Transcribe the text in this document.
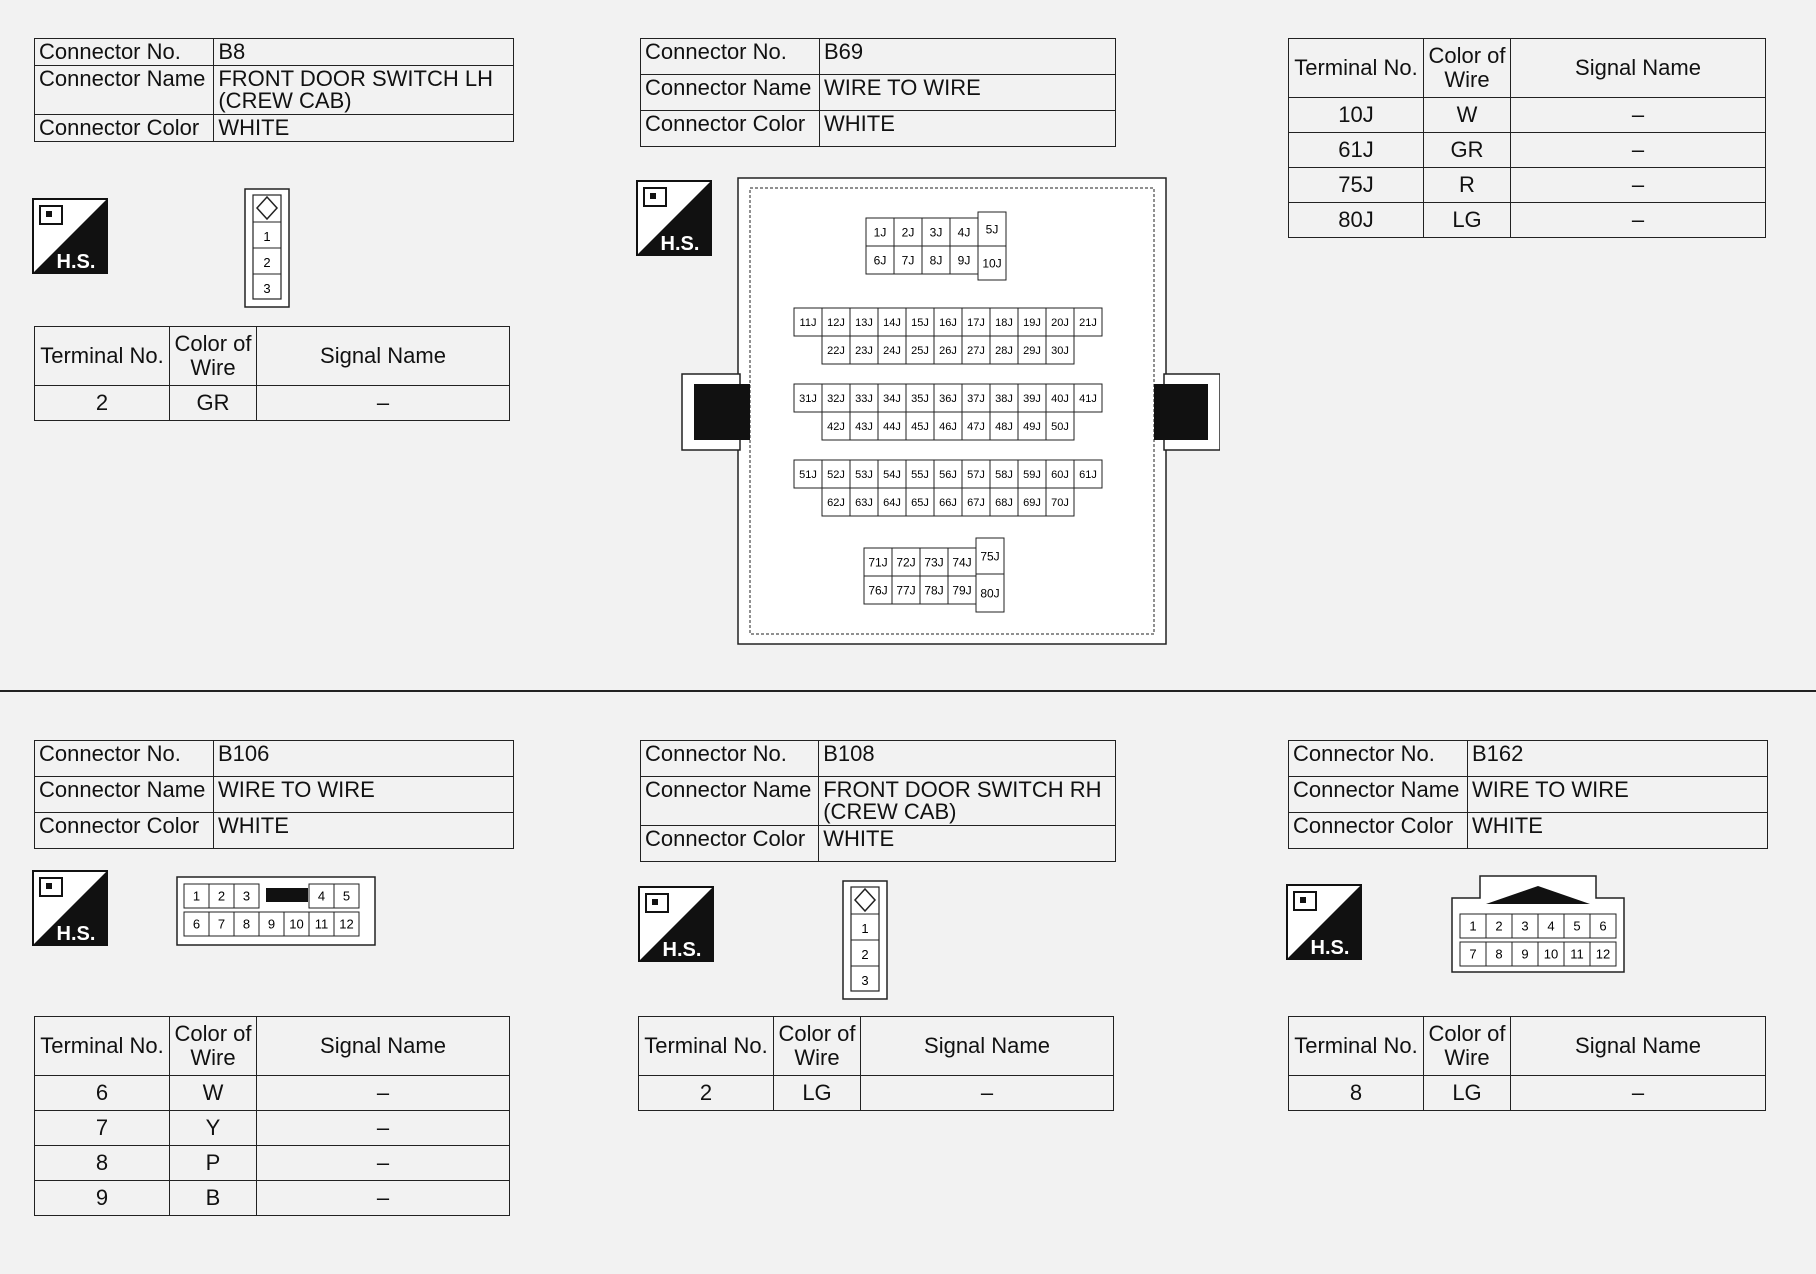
Connector No.	B8
Connector Name	FRONT DOOR SWITCH LH (CREW CAB)
Connector Color	WHITE
H.S.
1
2
3
Terminal No.	Color of Wire	Signal Name
2	GR	–
Connector No.	B69
Connector Name	WIRE TO WIRE
Connector Color	WHITE
H.S.
1J 2J 3J 4J
6J 7J 8J 9J
5J
10J
11J 12J 13J 14J 15J 16J 17J 18J 19J 20J 21J
22J 23J 24J 25J 26J 27J 28J 29J 30J
31J 32J 33J 34J 35J 36J 37J 38J 39J 40J 41J
42J 43J 44J 45J 46J 47J 48J 49J 50J
51J 52J 53J 54J 55J 56J 57J 58J 59J 60J 61J
62J 63J 64J 65J 66J 67J 68J 69J 70J
71J 72J 73J 74J
76J 77J 78J 79J
75J
80J
Terminal No.	Color of Wire	Signal Name
10J	W	–
61J	GR	–
75J	R	–
80J	LG	–
Connector No.	B106
Connector Name	WIRE TO WIRE
Connector Color	WHITE
H.S.
1 2 3	4 5
6 7 8 9 10 11 12
Terminal No.	Color of Wire	Signal Name
6	W	–
7	Y	–
8	P	–
9	B	–
Connector No.	B108
Connector Name	FRONT DOOR SWITCH RH (CREW CAB)
Connector Color	WHITE
H.S.
1
2
3
Terminal No.	Color of Wire	Signal Name
2	LG	–
Connector No.	B162
Connector Name	WIRE TO WIRE
Connector Color	WHITE
H.S.
1 2 3 4 5 6
7 8 9 10 11 12
Terminal No.	Color of Wire	Signal Name
8	LG	–
